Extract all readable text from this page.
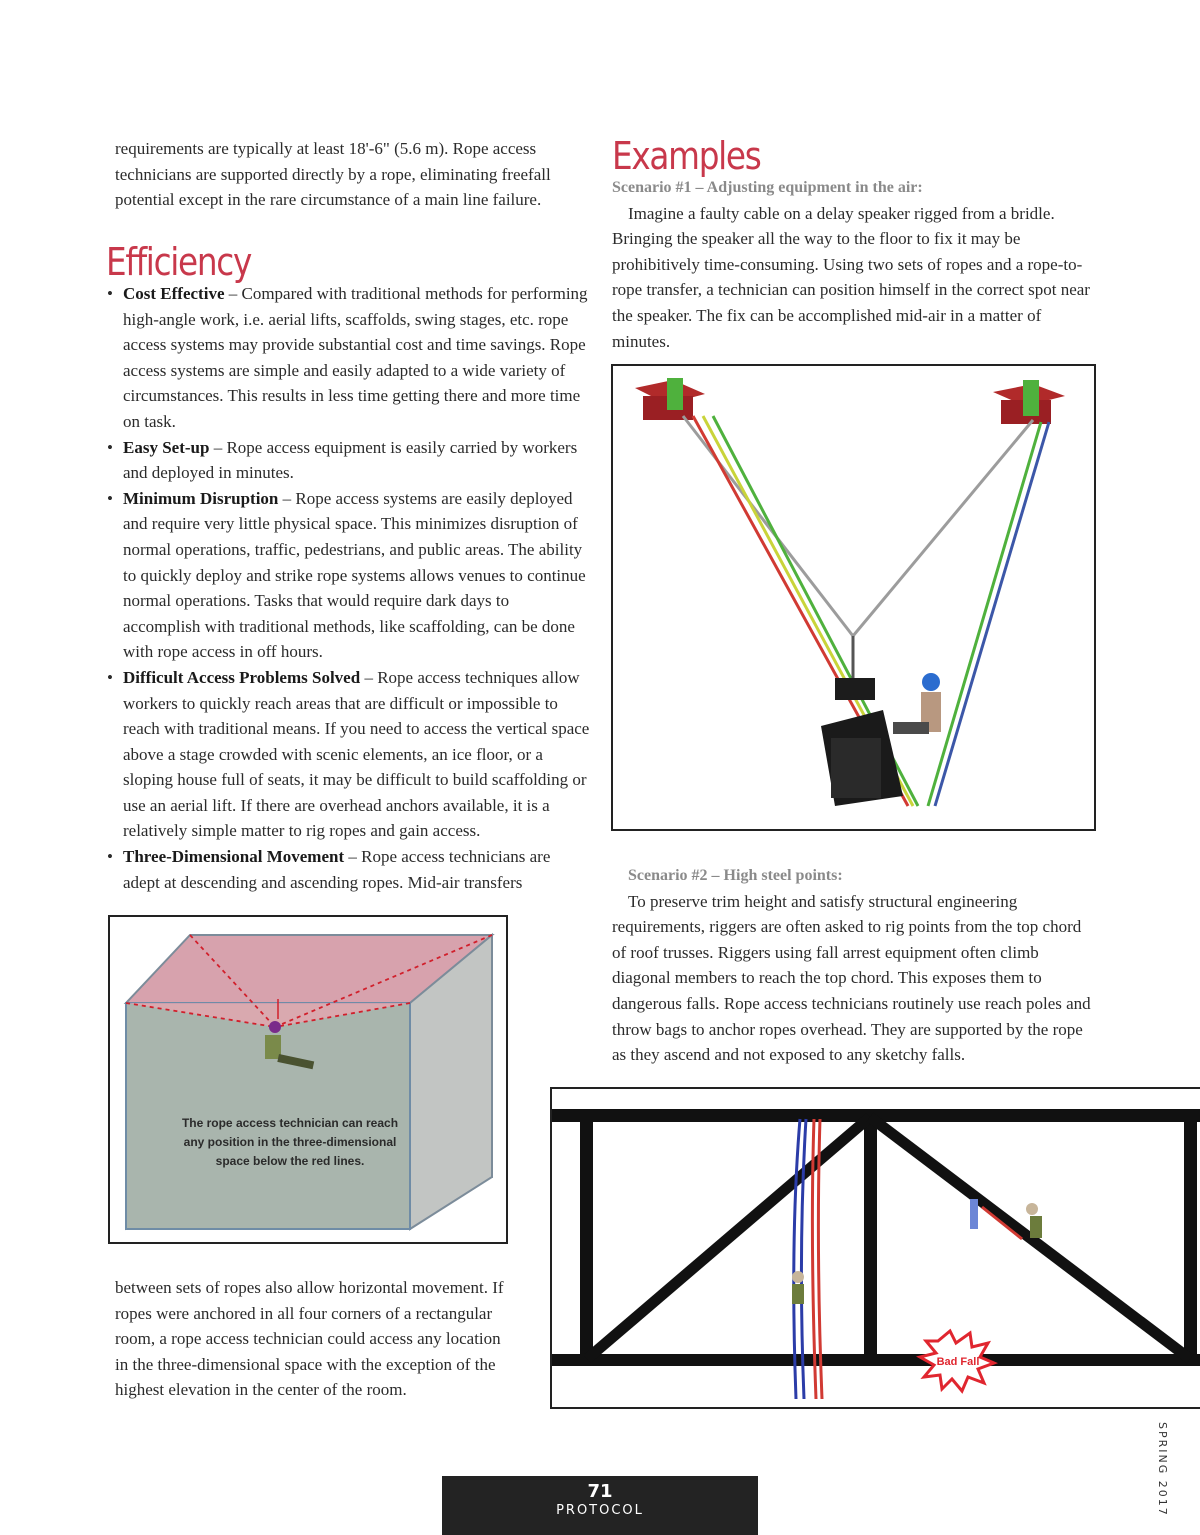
requirements are typically at least 18'-6" (5.6 m). Rope access technicians are supported directly by a rope, eliminating freefall potential except in the rare circumstance of a main line failure.

Efficiency

• Cost Effective – Compared with traditional methods for performing high-angle work, i.e. aerial lifts, scaffolds, swing stages, etc. rope access systems may provide substantial cost and time savings. Rope access systems are simple and easily adapted to a wide variety of circumstances. This results in less time getting there and more time on task.

• Easy Set-up – Rope access equipment is easily carried by workers and deployed in minutes.

• Minimum Disruption – Rope access systems are easily deployed and require very little physical space. This minimizes disruption of normal operations, traffic, pedestrians, and public areas. The ability to quickly deploy and strike rope systems allows venues to continue normal operations. Tasks that would require dark days to accomplish with traditional methods, like scaffolding, can be done with rope access in off hours.

• Difficult Access Problems Solved – Rope access techniques allow workers to quickly reach areas that are difficult or impossible to reach with traditional means. If you need to access the vertical space above a stage crowded with scenic elements, an ice floor, or a sloping house full of seats, it may be difficult to build scaffolding or use an aerial lift. If there are overhead anchors available, it is a relatively simple matter to rig ropes and gain access.

• Three-Dimensional Movement – Rope access technicians are adept at descending and ascending ropes. Mid-air transfers

The rope access technician can reach
any position in the three-dimensional
space below the red lines.

between sets of ropes also allow horizontal movement. If ropes were anchored in all four corners of a rectangular room, a rope access technician could access any location in the three-dimensional space with the exception of the highest elevation in the center of the room.

Examples

Scenario #1 – Adjusting equipment in the air:

Imagine a faulty cable on a delay speaker rigged from a bridle. Bringing the speaker all the way to the floor to fix it may be prohibitively time-consuming. Using two sets of ropes and a rope-to-rope transfer, a technician can position himself in the correct spot near the speaker. The fix can be accomplished mid-air in a matter of minutes.

Scenario #2 – High steel points:

To preserve trim height and satisfy structural engineering requirements, riggers are often asked to rig points from the top chord of roof trusses. Riggers using fall arrest equipment often climb diagonal members to reach the top chord. This exposes them to dangerous falls. Rope access technicians routinely use reach poles and throw bags to anchor ropes overhead. They are supported by the rope as they ascend and not exposed to any sketchy falls.

Bad Fall
71
PROTOCOL	SPRING 2017
